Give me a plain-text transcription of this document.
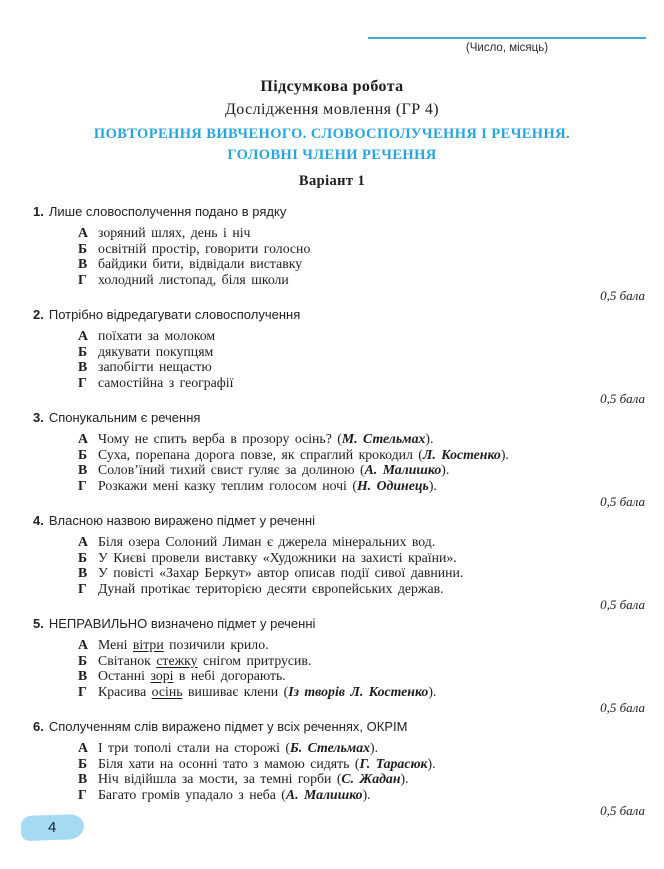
(Число, місяць)
Підсумкова робота
Дослідження мовлення (ГР 4)
ПОВТОРЕННЯ ВИВЧЕНОГО. СЛОВОСПОЛУЧЕННЯ І РЕЧЕННЯ.
ГОЛОВНІ ЧЛЕНИ РЕЧЕННЯ
Варіант 1
1. Лише словосполучення подано в рядку
А зоряний шлях, день і ніч
Б освітній простір, говорити голосно
В байдики бити, відвідали виставку
Г холодний листопад, біля школи
0,5 бала
2. Потрібно відредагувати словосполучення
А поїхати за молоком
Б дякувати покупцям
В запобігти нещастю
Г самостійна з географії
0,5 бала
3. Спонукальним є речення
А Чому не спить верба в прозору осінь? (М. Стельмах).
Б Суха, порепана дорога повзе, як спраглий крокодил (Л. Костенко).
В Солов’їний тихий свист гуляє за долиною (А. Малишко).
Г Розкажи мені казку теплим голосом ночі (Н. Одинець).
0,5 бала
4. Власною назвою виражено підмет у реченні
А Біля озера Солоний Лиман є джерела мінеральних вод.
Б У Києві провели виставку «Художники на захисті країни».
В У повісті «Захар Беркут» автор описав події сивої давнини.
Г Дунай протікає територією десяти європейських держав.
0,5 бала
5. НЕПРАВИЛЬНО визначено підмет у реченні
А Мені вітри позичили крило.
Б Світанок стежку снігом притрусив.
В Останні зорі в небі догорають.
Г Красива осінь вишиває клени (Із творів Л. Костенко).
0,5 бала
6. Сполученням слів виражено підмет у всіх реченнях, ОКРІМ
А І три тополі стали на сторожі (Б. Стельмах).
Б Біля хати на осонні тато з мамою сидять (Г. Тарасюк).
В Ніч відійшла за мости, за темні горби (С. Жадан).
Г Багато громів упадало з неба (А. Малишко).
0,5 бала
4
